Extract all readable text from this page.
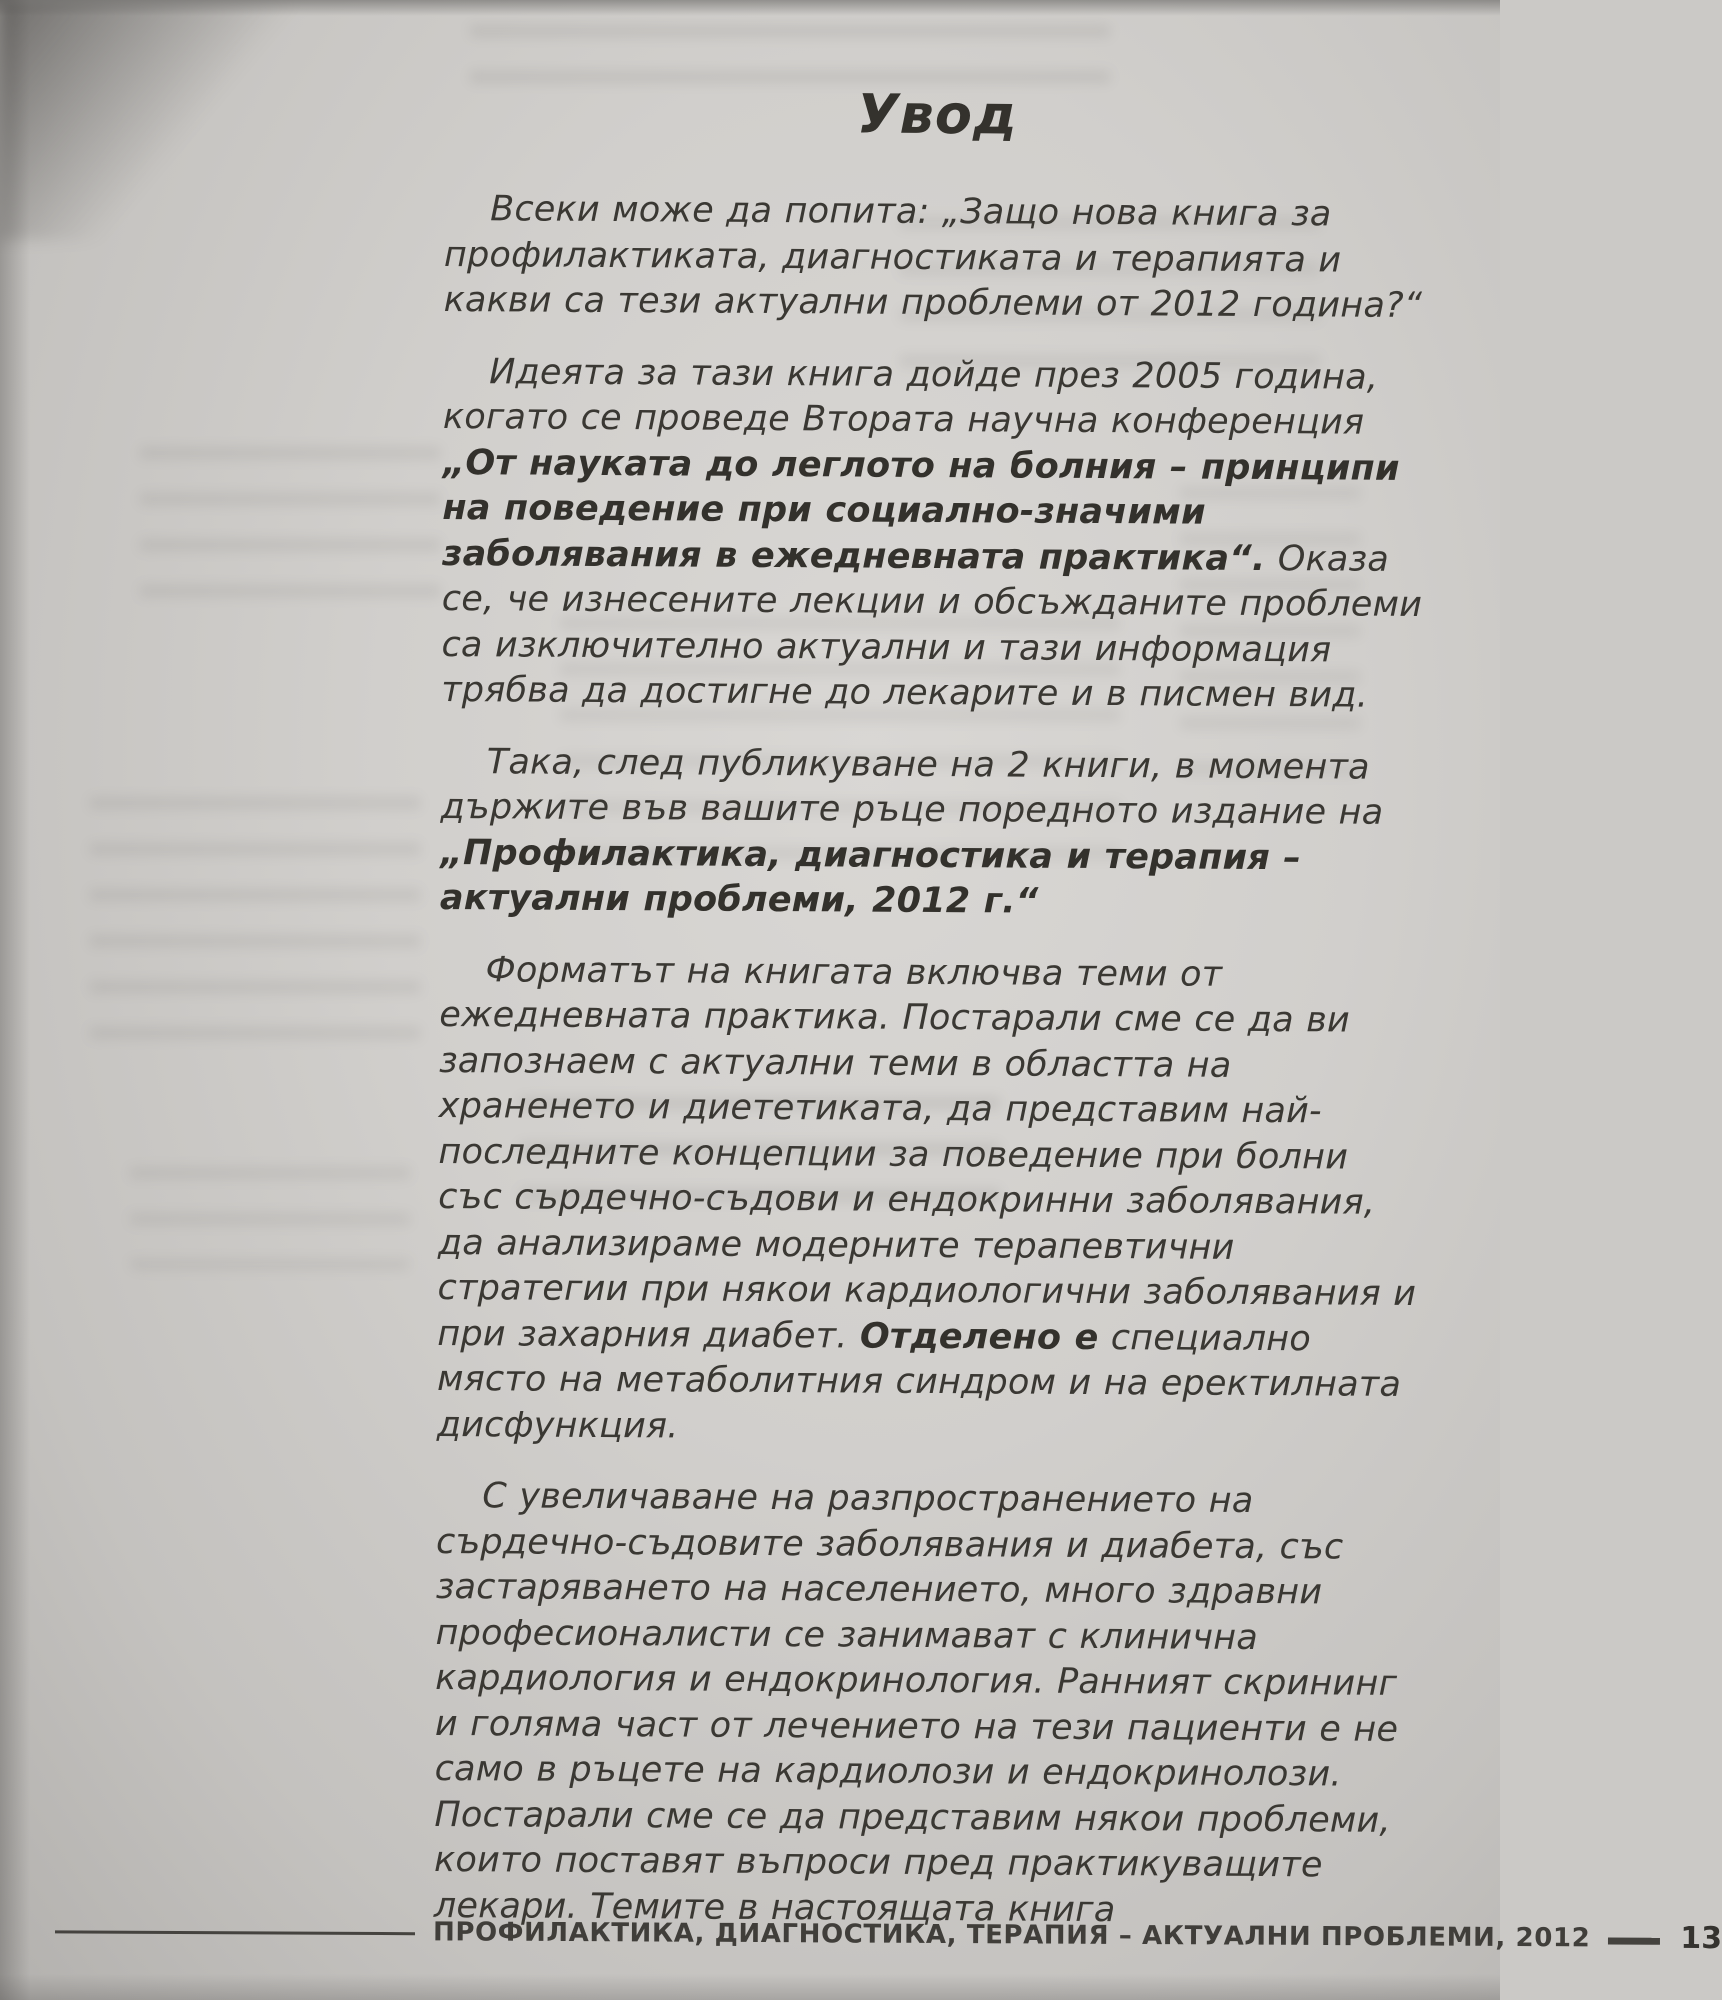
Увод

Всеки може да попита: „Защо нова книга за профилактиката, диагностиката и терапията и какви са тези актуални проблеми от 2012 година?“

Идеята за тази книга дойде през 2005 година, когато се проведе Втората научна конференция „От науката до леглото на болния – принципи на поведение при социално-значими заболявания в ежедневната практика“. Оказа се, че изнесените лекции и обсъжданите проблеми са изключително актуални и тази информация трябва да достигне до лекарите и в писмен вид.

Така, след публикуване на 2 книги, в момента държите във вашите ръце поредното издание на „Профилактика, диагностика и терапия – актуални проблеми, 2012 г.“

Форматът на книгата включва теми от ежедневната практика. Постарали сме се да ви запознаем с актуални теми в областта на храненето и диететиката, да представим най-последните концепции за поведение при болни със сърдечно-съдови и ендокринни заболявания, да анализираме модерните терапевтични стратегии при някои кардиологични заболявания и при захарния диабет. Отделено е специално място на метаболитния синдром и на еректилната дисфункция.

С увеличаване на разпространението на сърдечно-съдовите заболявания и диабета, със застаряването на населението, много здравни професионалисти се занимават с клинична кардиология и ендокринология. Ранният скрининг и голяма част от лечението на тези пациенти е не само в ръцете на кардиолози и ендокринолози. Постарали сме се да представим някои проблеми, които поставят въпроси пред практикуващите лекари. Темите в настоящата книга

ПРОФИЛАКТИКА, ДИАГНОСТИКА, ТЕРАПИЯ – АКТУАЛНИ ПРОБЛЕМИ, 2012	13
